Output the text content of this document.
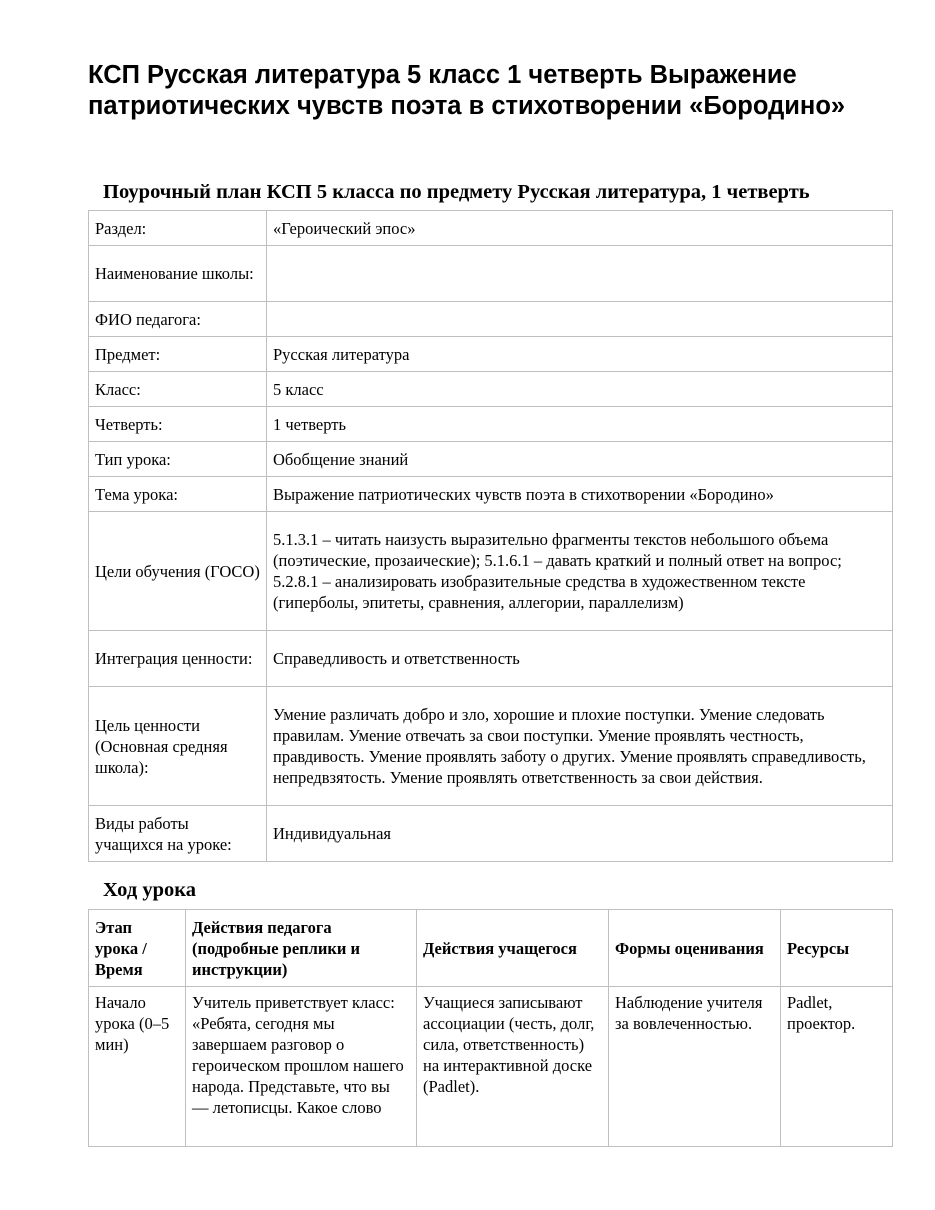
КСП Русская литература 5 класс 1 четверть Выражение патриотических чувств поэта в стихотворении «Бородино»
Поурочный план КСП 5 класса по предмету Русская литература, 1 четверть
Раздел:	«Героический эпос»
Наименование школы:	
ФИО педагога:	
Предмет:	Русская литература
Класс:	5 класс
Четверть:	1 четверть
Тип урока:	Обобщение знаний
Тема урока:	Выражение патриотических чувств поэта в стихотворении «Бородино»
Цели обучения (ГОСО)	5.1.3.1 – читать наизусть выразительно фрагменты текстов небольшого объема (поэтические, прозаические); 5.1.6.1 – давать краткий и полный ответ на вопрос; 5.2.8.1 – анализировать изобразительные средства в художественном тексте (гиперболы, эпитеты, сравнения, аллегории, параллелизм)
Интеграция ценности:	Справедливость и ответственность
Цель ценности (Основная средняя школа):	Умение различать добро и зло, хорошие и плохие поступки. Умение следовать правилам. Умение отвечать за свои поступки. Умение проявлять честность, правдивость. Умение проявлять заботу о других. Умение проявлять справедливость, непредвзятость. Умение проявлять ответственность за свои действия.
Виды работы учащихся на уроке:	Индивидуальная
Ход урока
Этап урока / Время	Действия педагога (подробные реплики и инструкции)	Действия учащегося	Формы оценивания	Ресурсы
Начало урока (0–5 мин)	Учитель приветствует класс: «Ребята, сегодня мы завершаем разговор о героическом прошлом нашего народа. Представьте, что вы — летописцы. Какое слово	Учащиеся записывают ассоциации (честь, долг, сила, ответственность) на интерактивной доске (Padlet).	Наблюдение учителя за вовлеченностью.	Padlet, проектор.
